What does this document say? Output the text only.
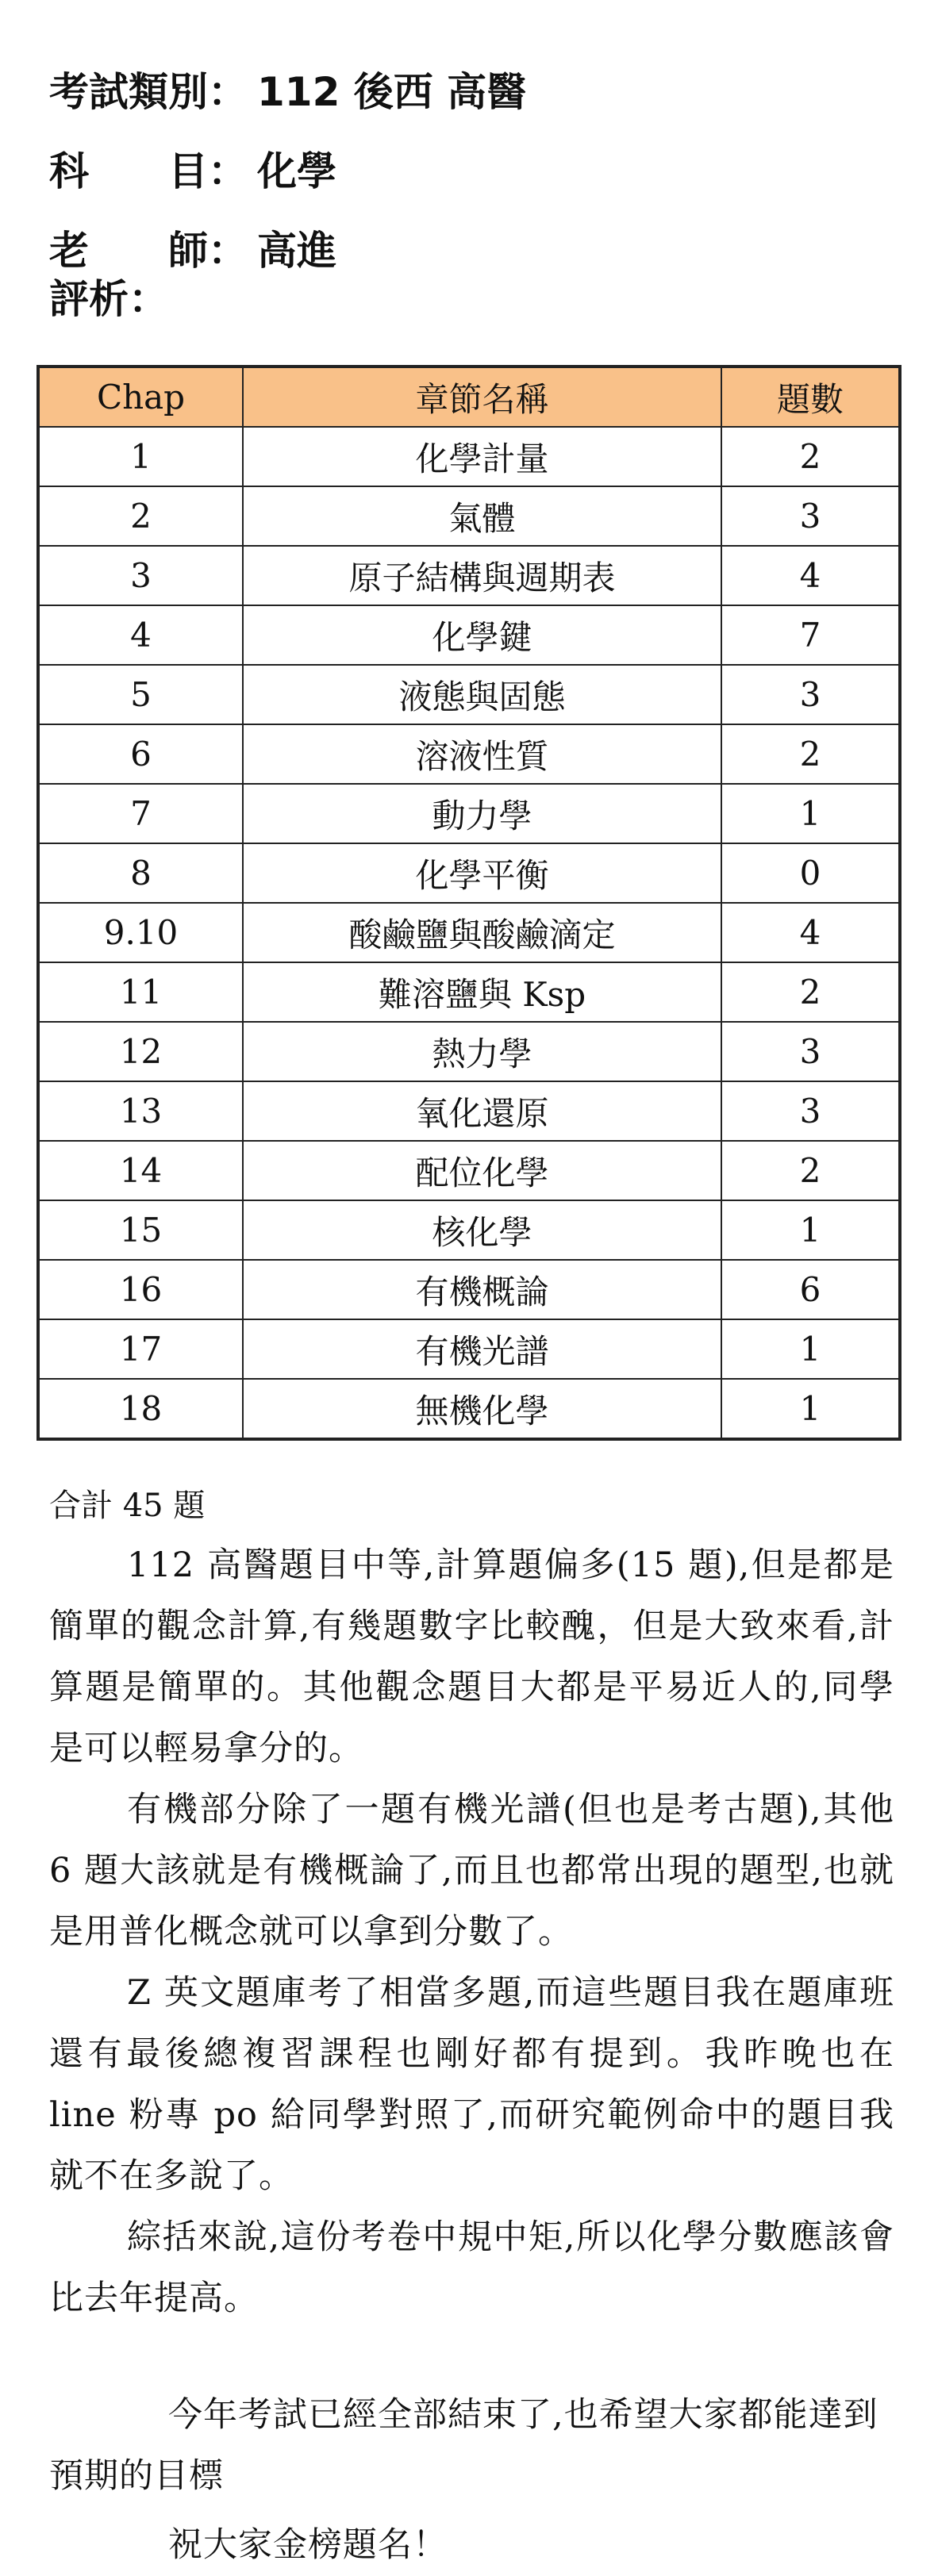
考試類別： 112 後西 高醫
科　　目： 化學
老　　師： 高進
評析：
Chap	章節名稱	題數
1	化學計量	2
2	氣體	3
3	原子結構與週期表	4
4	化學鍵	7
5	液態與固態	3
6	溶液性質	2
7	動力學	1
8	化學平衡	0
9.10	酸鹼鹽與酸鹼滴定	4
11	難溶鹽與 Ksp	2
12	熱力學	3
13	氧化還原	3
14	配位化學	2
15	核化學	1
16	有機概論	6
17	有機光譜	1
18	無機化學	1
合計 45 題

112 高醫題目中等,計算題偏多(15 題),但是都是簡單的觀念計算,有幾題數字比較醜，但是大致來看,計算題是簡單的。其他觀念題目大都是平易近人的,同學是可以輕易拿分的。

有機部分除了一題有機光譜(但也是考古題),其他 6 題大該就是有機概論了,而且也都常出現的題型,也就是用普化概念就可以拿到分數了。

Z 英文題庫考了相當多題,而這些題目我在題庫班還有最後總複習課程也剛好都有提到。我昨晚也在 line 粉專 po 給同學對照了,而研究範例命中的題目我就不在多說了。

綜括來說,這份考卷中規中矩,所以化學分數應該會比去年提高。

今年考試已經全部結束了,也希望大家都能達到預期的目標

祝大家金榜題名！
